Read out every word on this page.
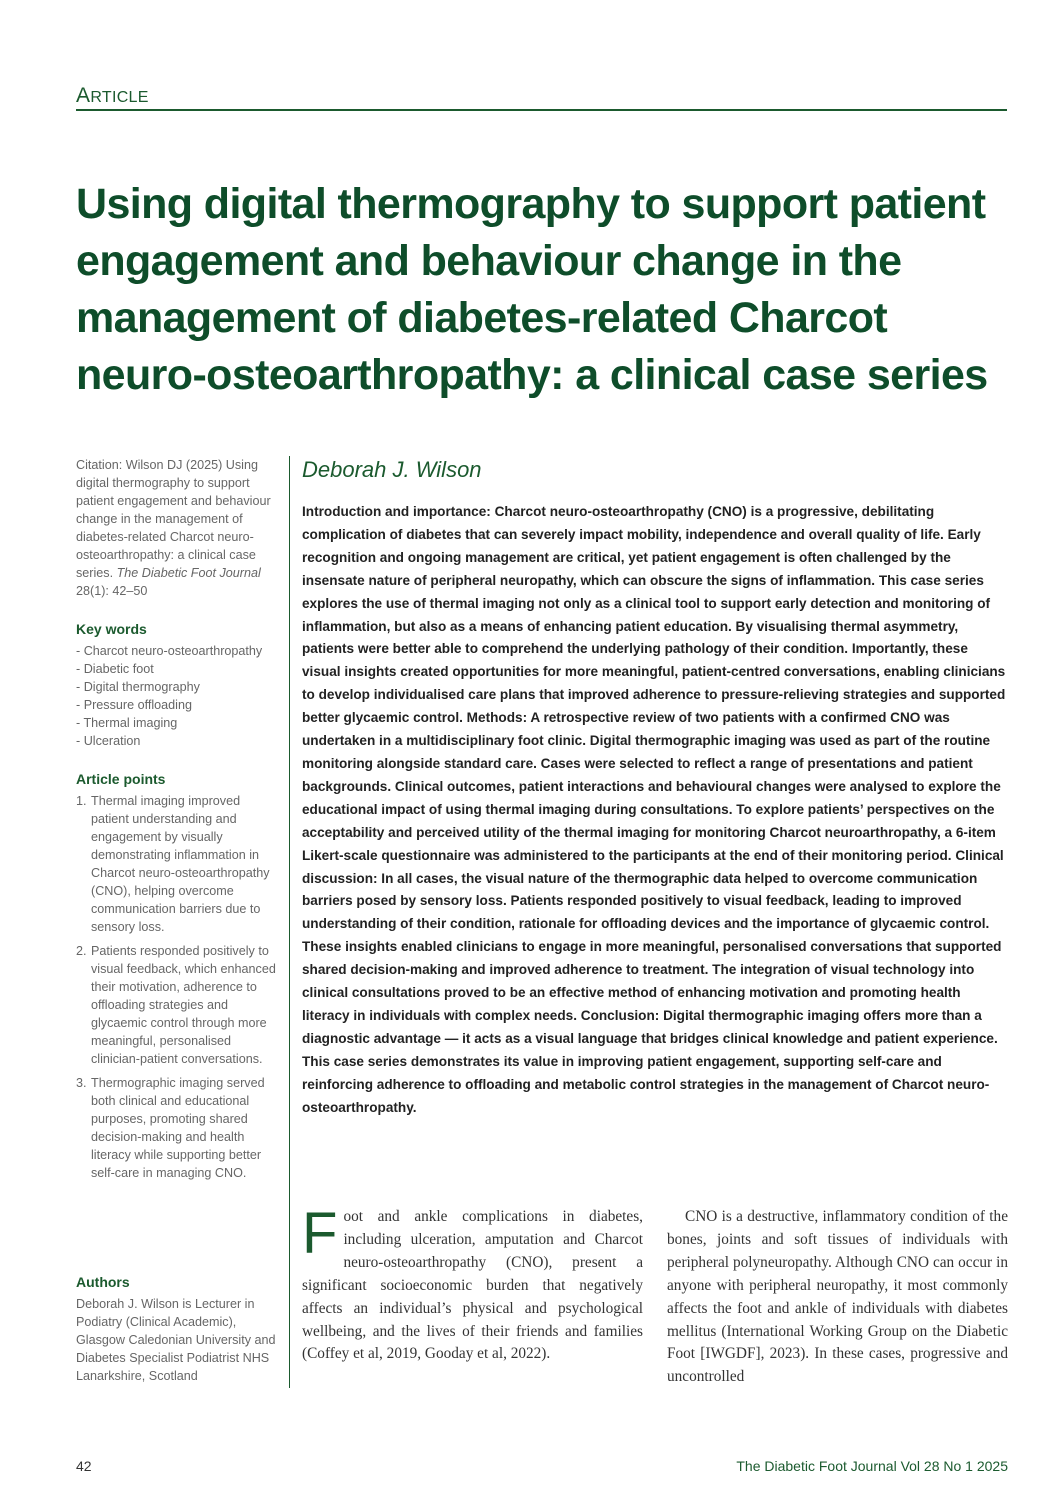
ARTICLE
Using digital thermography to support patient engagement and behaviour change in the management of diabetes-related Charcot neuro-osteoarthropathy: a clinical case series
Citation: Wilson DJ (2025) Using digital thermography to support patient engagement and behaviour change in the management of diabetes-related Charcot neuro-osteoarthropathy: a clinical case series. The Diabetic Foot Journal 28(1): 42–50
Key words
- Charcot neuro-osteoarthropathy
- Diabetic foot
- Digital thermography
- Pressure offloading
- Thermal imaging
- Ulceration
Article points
1. Thermal imaging improved patient understanding and engagement by visually demonstrating inflammation in Charcot neuro-osteoarthropathy (CNO), helping overcome communication barriers due to sensory loss.
2. Patients responded positively to visual feedback, which enhanced their motivation, adherence to offloading strategies and glycaemic control through more meaningful, personalised clinician-patient conversations.
3. Thermographic imaging served both clinical and educational purposes, promoting shared decision-making and health literacy while supporting better self-care in managing CNO.
Authors
Deborah J. Wilson is Lecturer in Podiatry (Clinical Academic), Glasgow Caledonian University and Diabetes Specialist Podiatrist NHS Lanarkshire, Scotland
Deborah J. Wilson
Introduction and importance: Charcot neuro-osteoarthropathy (CNO) is a progressive, debilitating complication of diabetes that can severely impact mobility, independence and overall quality of life. Early recognition and ongoing management are critical, yet patient engagement is often challenged by the insensate nature of peripheral neuropathy, which can obscure the signs of inflammation. This case series explores the use of thermal imaging not only as a clinical tool to support early detection and monitoring of inflammation, but also as a means of enhancing patient education. By visualising thermal asymmetry, patients were better able to comprehend the underlying pathology of their condition. Importantly, these visual insights created opportunities for more meaningful, patient-centred conversations, enabling clinicians to develop individualised care plans that improved adherence to pressure-relieving strategies and supported better glycaemic control. Methods: A retrospective review of two patients with a confirmed CNO was undertaken in a multidisciplinary foot clinic. Digital thermographic imaging was used as part of the routine monitoring alongside standard care. Cases were selected to reflect a range of presentations and patient backgrounds. Clinical outcomes, patient interactions and behavioural changes were analysed to explore the educational impact of using thermal imaging during consultations. To explore patients’ perspectives on the acceptability and perceived utility of the thermal imaging for monitoring Charcot neuroarthropathy, a 6-item Likert-scale questionnaire was administered to the participants at the end of their monitoring period. Clinical discussion: In all cases, the visual nature of the thermographic data helped to overcome communication barriers posed by sensory loss. Patients responded positively to visual feedback, leading to improved understanding of their condition, rationale for offloading devices and the importance of glycaemic control. These insights enabled clinicians to engage in more meaningful, personalised conversations that supported shared decision-making and improved adherence to treatment. The integration of visual technology into clinical consultations proved to be an effective method of enhancing motivation and promoting health literacy in individuals with complex needs. Conclusion: Digital thermographic imaging offers more than a diagnostic advantage — it acts as a visual language that bridges clinical knowledge and patient experience. This case series demonstrates its value in improving patient engagement, supporting self-care and reinforcing adherence to offloading and metabolic control strategies in the management of Charcot neuro-osteoarthropathy.
Foot and ankle complications in diabetes, including ulceration, amputation and Charcot neuro-osteoarthropathy (CNO), present a significant socioeconomic burden that negatively affects an individual’s physical and psychological wellbeing, and the lives of their friends and families (Coffey et al, 2019, Gooday et al, 2022).
CNO is a destructive, inflammatory condition of the bones, joints and soft tissues of individuals with peripheral polyneuropathy. Although CNO can occur in anyone with peripheral neuropathy, it most commonly affects the foot and ankle of individuals with diabetes mellitus (International Working Group on the Diabetic Foot [IWGDF], 2023). In these cases, progressive and uncontrolled
42	The Diabetic Foot Journal Vol 28 No 1 2025
